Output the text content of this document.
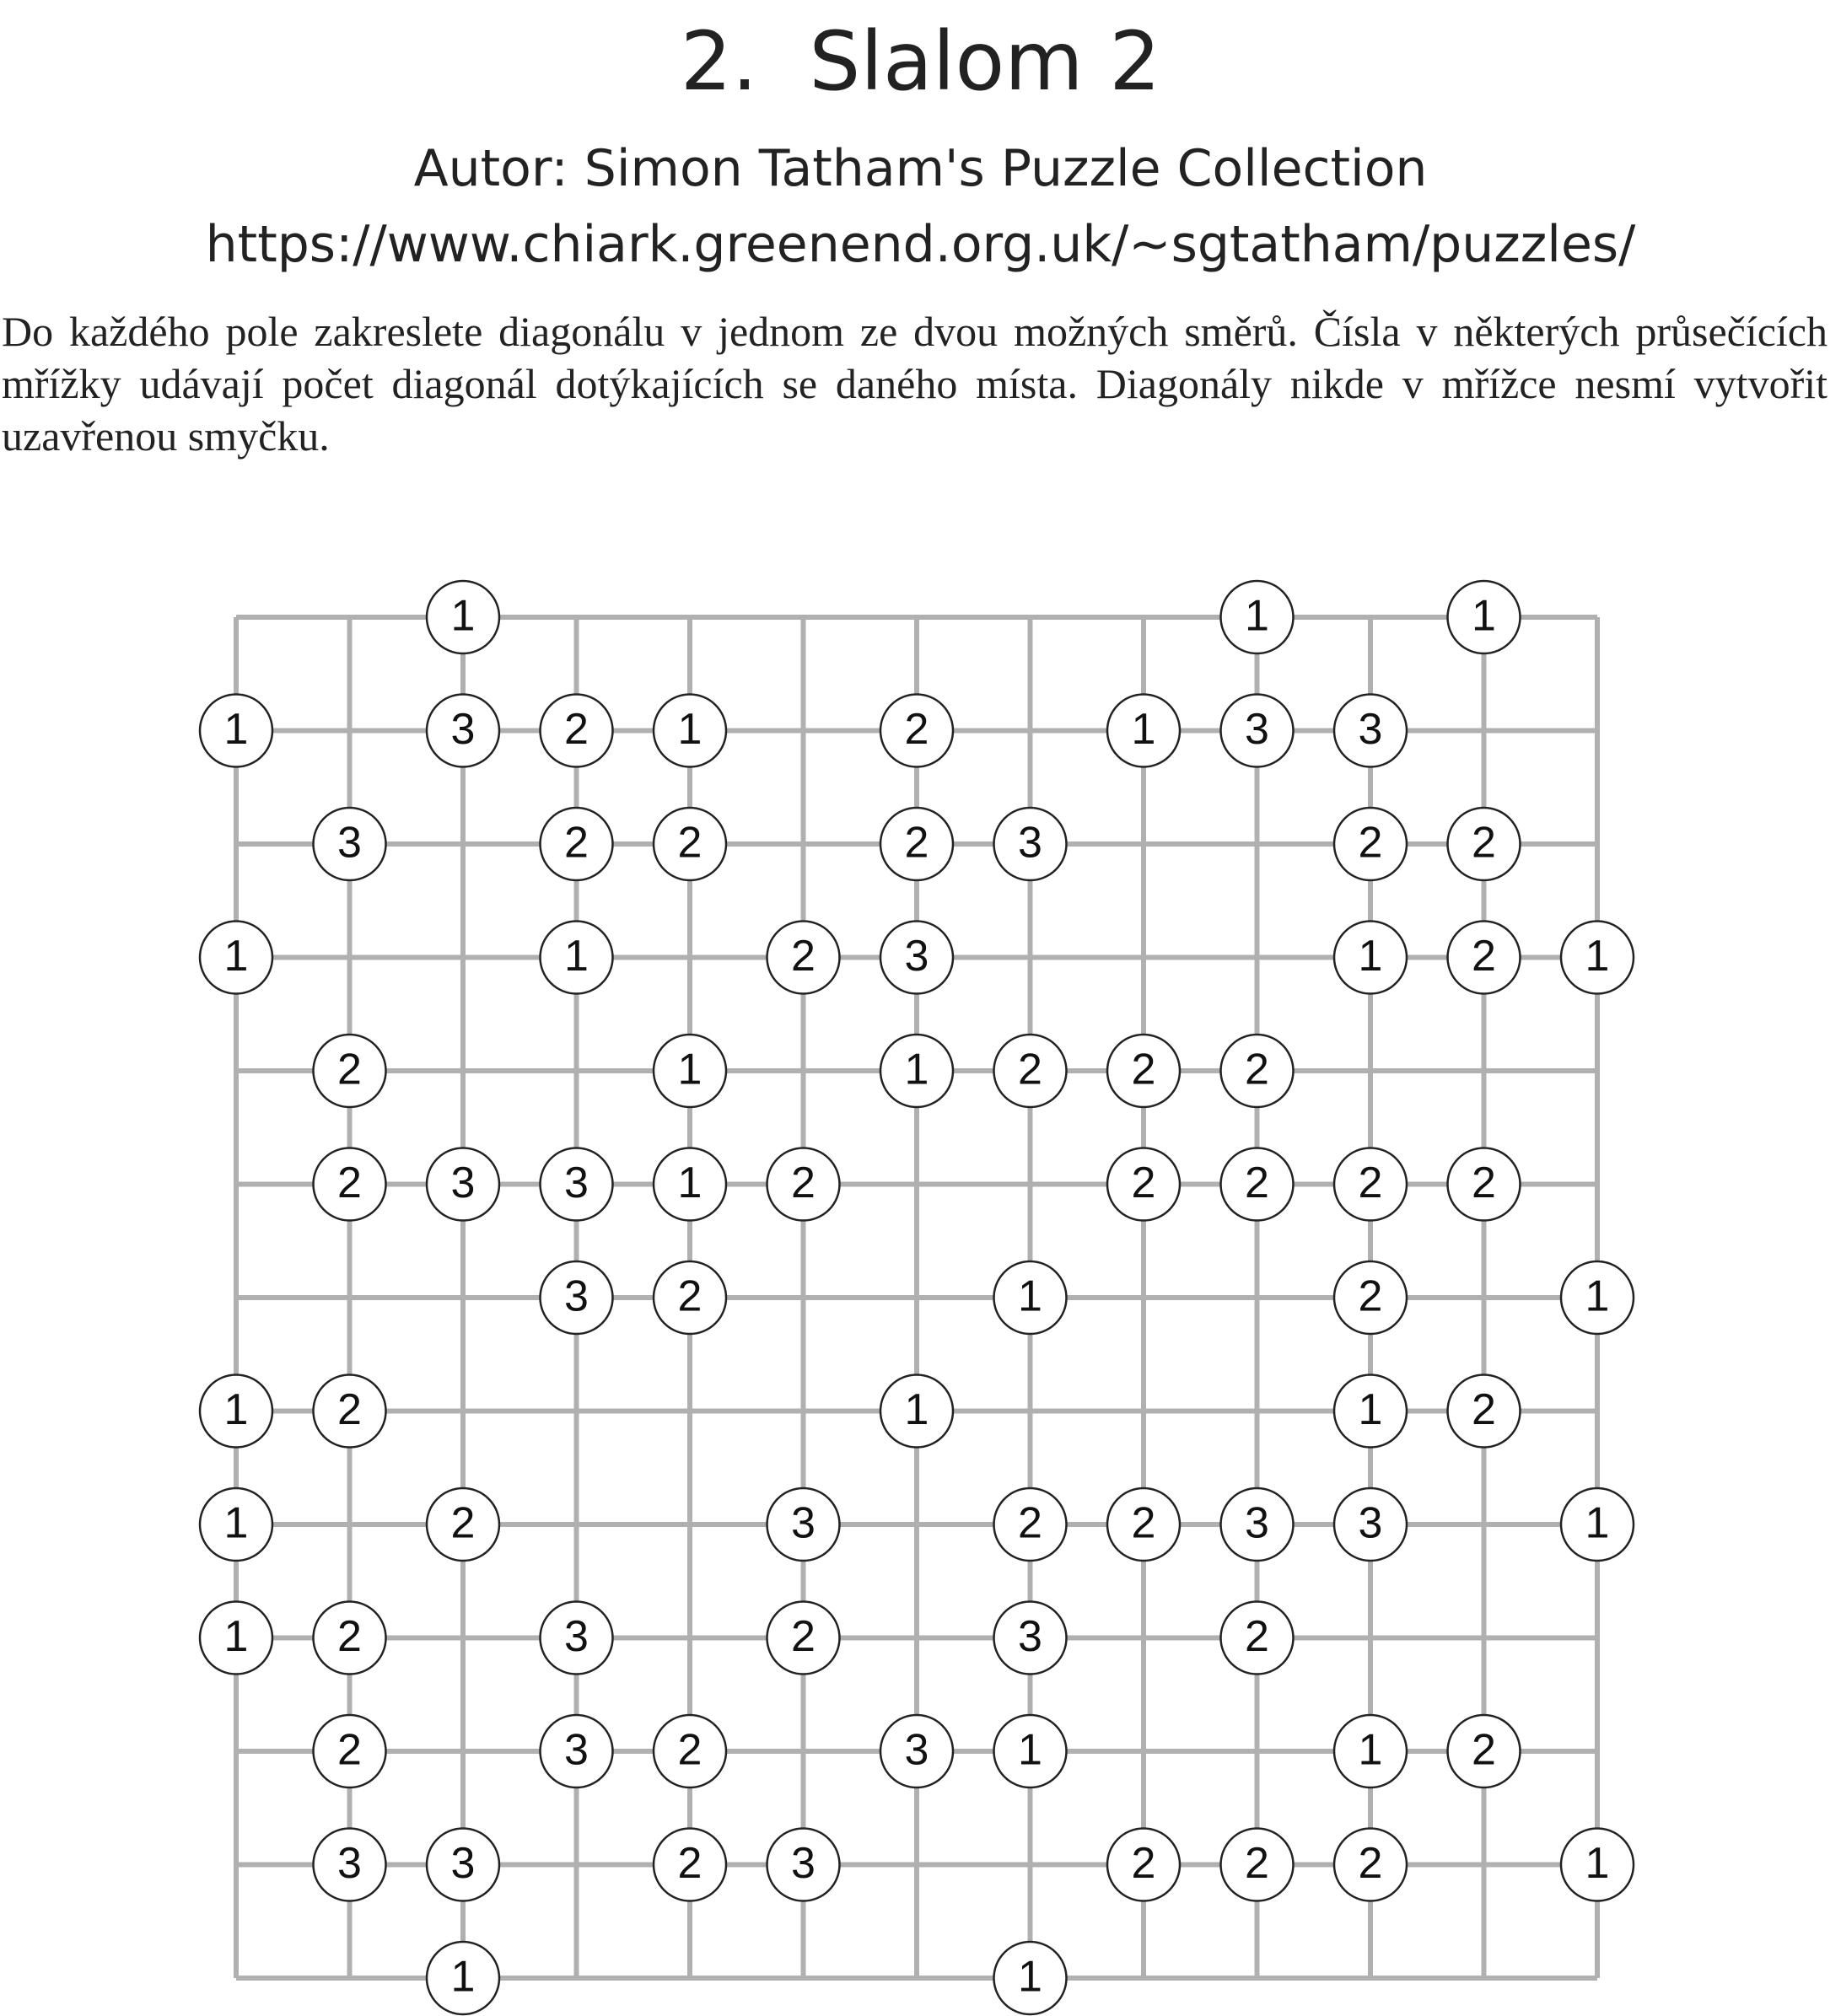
2.  Slalom 2
Autor: Simon Tatham's Puzzle Collection
https://www.chiark.greenend.org.uk/~sgtatham/puzzles/
Do každého pole zakreslete diagonálu v jednom ze dvou možných směrů. Čísla v některých průsečících mřížky udávají počet diagonál dotýkajících se daného místa. Diagonály nikde v mřížce nesmí vytvořit uzavřenou smyčku.
1	1	1
1	3 2 1	2	1 3 3
3	2 2	2 3	2 2
1	1	2 3	1 2 1
2	1	1 2 2 2
2 3 3 1 2	2 2 2 2
3 2	1	2	1
1 2	1	1 2
1	2	3	2 2 3 3	1
1 2	3	2	3	2
2	3 2	3 1	1 2
3 3	2 3	2 2 2	1
1	1
